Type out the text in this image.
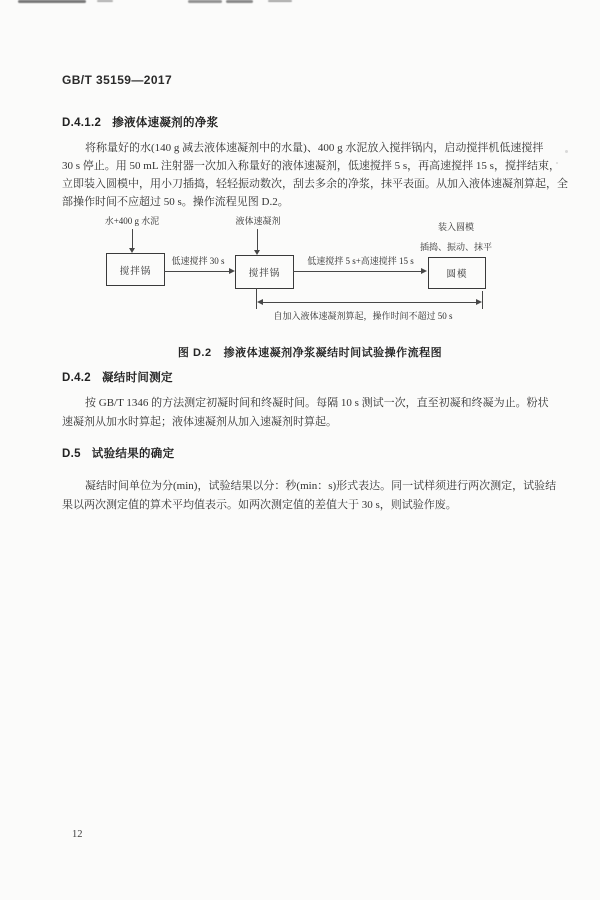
GB/T 35159—2017
D.4.1.2 掺液体速凝剂的净浆
将称量好的水(140 g 减去液体速凝剂中的水量)、400 g 水泥放入搅拌锅内，启动搅拌机低速搅拌
30 s 停止。用 50 mL 注射器一次加入称量好的液体速凝剂，低速搅拌 5 s，再高速搅拌 15 s，搅拌结束，
立即装入圆模中，用小刀插捣，轻轻振动数次，刮去多余的净浆，抹平表面。从加入液体速凝剂算起，全
部操作时间不应超过 50 s。操作流程见图 D.2。
水+400 g 水泥	液体速凝剂
搅拌锅	搅拌锅	圆模
低速搅拌 30 s	低速搅拌 5 s+高速搅拌 15 s
装入圆模
插捣、振动、抹平
自加入液体速凝剂算起，操作时间不超过 50 s
图 D.2 掺液体速凝剂净浆凝结时间试验操作流程图
D.4.2 凝结时间测定
按 GB/T 1346 的方法测定初凝时间和终凝时间。每隔 10 s 测试一次，直至初凝和终凝为止。粉状
速凝剂从加水时算起；液体速凝剂从加入速凝剂时算起。
D.5 试验结果的确定
凝结时间单位为分(min)，试验结果以分：秒(min：s)形式表达。同一试样须进行两次测定，试验结
果以两次测定值的算术平均值表示。如两次测定值的差值大于 30 s，则试验作废。
12
